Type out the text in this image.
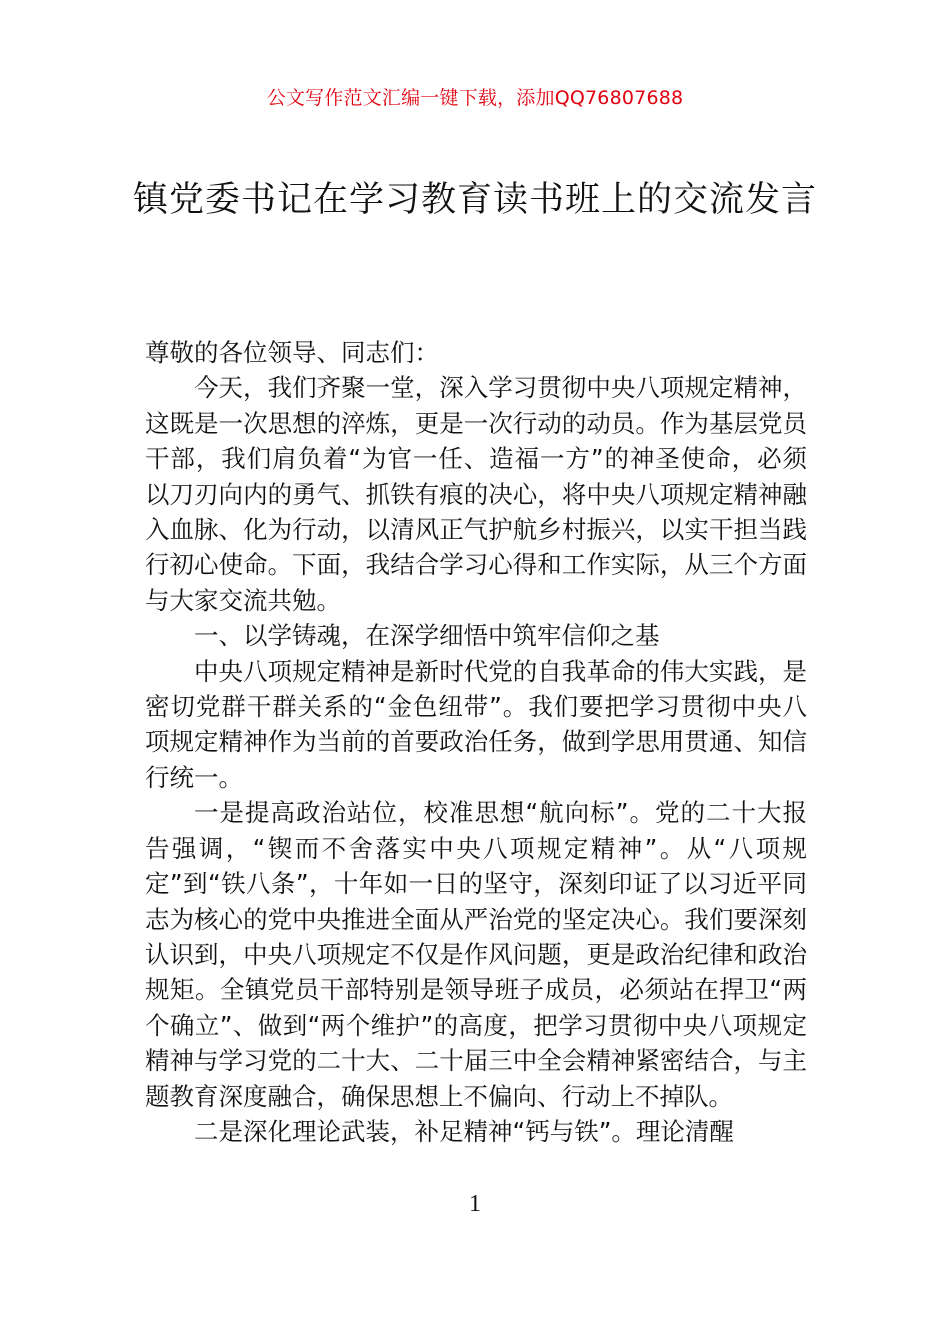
公文写作范文汇编一键下载，添加QQ76807688
镇党委书记在学习教育读书班上的交流发言

尊敬的各位领导、同志们：

今天，我们齐聚一堂，深入学习贯彻中央八项规定精神，这既是一次思想的淬炼，更是一次行动的动员。作为基层党员干部，我们肩负着“为官一任、造福一方”的神圣使命，必须以刀刃向内的勇气、抓铁有痕的决心，将中央八项规定精神融入血脉、化为行动，以清风正气护航乡村振兴，以实干担当践行初心使命。下面，我结合学习心得和工作实际，从三个方面与大家交流共勉。

一、以学铸魂，在深学细悟中筑牢信仰之基

中央八项规定精神是新时代党的自我革命的伟大实践，是密切党群干群关系的“金色纽带”。我们要把学习贯彻中央八项规定精神作为当前的首要政治任务，做到学思用贯通、知信行统一。

一是提高政治站位，校准思想“航向标”。党的二十大报告强调，“锲而不舍落实中央八项规定精神”。从“八项规定”到“铁八条”，十年如一日的坚守，深刻印证了以习近平同志为核心的党中央推进全面从严治党的坚定决心。我们要深刻认识到，中央八项规定不仅是作风问题，更是政治纪律和政治规矩。全镇党员干部特别是领导班子成员，必须站在捍卫“两个确立”、做到“两个维护”的高度，把学习贯彻中央八项规定精神与学习党的二十大、二十届三中全会精神紧密结合，与主题教育深度融合，确保思想上不偏向、行动上不掉队。

二是深化理论武装，补足精神“钙与铁”。理论清醒

1
